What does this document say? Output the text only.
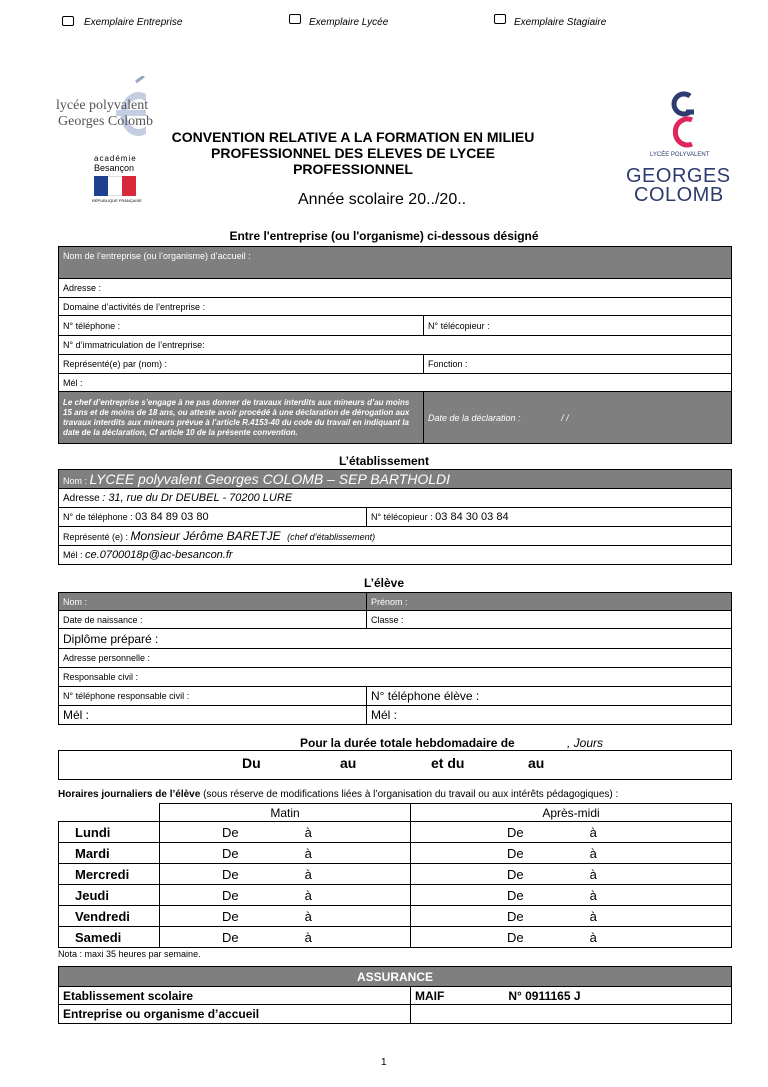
Exemplaire Entreprise	Exemplaire Lycée	Exemplaire Stagiaire
lycée polyvalent
Georges Colomb
académie
Besançon
RÉPUBLIQUE FRANÇAISE
CONVENTION RELATIVE A LA FORMATION EN MILIEU
PROFESSIONNEL DES ELEVES DE LYCEE
PROFESSIONNEL
Année scolaire 20../20..
LYCÉE POLYVALENT
GEORGES
COLOMB
Entre l'entreprise (ou l'organisme) ci-dessous désigné
Nom de l’entreprise (ou l’organisme) d’accueil :	
Adresse :	
Domaine d’activités de l’entreprise :	
N° téléphone :	N° télécopieur :
N° d’immatriculation de l’entreprise:	
Représenté(e) par (nom) :	Fonction :
Mél :	
Le chef d’entreprise s’engage à ne pas donner de travaux interdits aux mineurs d’au moins 15 ans et de moins de 18 ans, ou atteste avoir procédé à une déclaration de dérogation aux travaux interdits aux mineurs prévue à l’article R.4153-40 du code du travail en indiquant la date de la déclaration, Cf article 10 de la présente convention.	Date de la déclaration : / /
L’établissement
Nom : LYCEE polyvalent Georges COLOMB – SEP BARTHOLDI
Adresse : 31, rue du Dr DEUBEL - 70200 LURE
N° de téléphone : 03 84 89 03 80	N° télécopieur : 03 84 30 03 84
Représenté (e) : Monsieur Jérôme BARETJE (chef d’établissement)
Mél : ce.0700018p@ac-besancon.fr
L’élève
Nom :	Prénom :
Date de naissance :	Classe :
Diplôme préparé :	
Adresse personnelle :	
Responsable civil :	
N° téléphone responsable civil :	N° téléphone élève :
Mél :	Mél :
Pour la durée totale hebdomadaire de	, Jours
Du	au	et du	au
Horaires journaliers de l’élève (sous réserve de modifications liées à l’organisation du travail ou aux intérêts pédagogiques) :
	Matin	Après-midi
Lundi	De à	De à
Mardi	De à	De à
Mercredi	De à	De à
Jeudi	De à	De à
Vendredi	De à	De à
Samedi	De à	De à
Nota : maxi 35 heures par semaine.
ASSURANCE	
Etablissement scolaire	MAIF N° 0911165 J
Entreprise ou organisme d’accueil	
1
